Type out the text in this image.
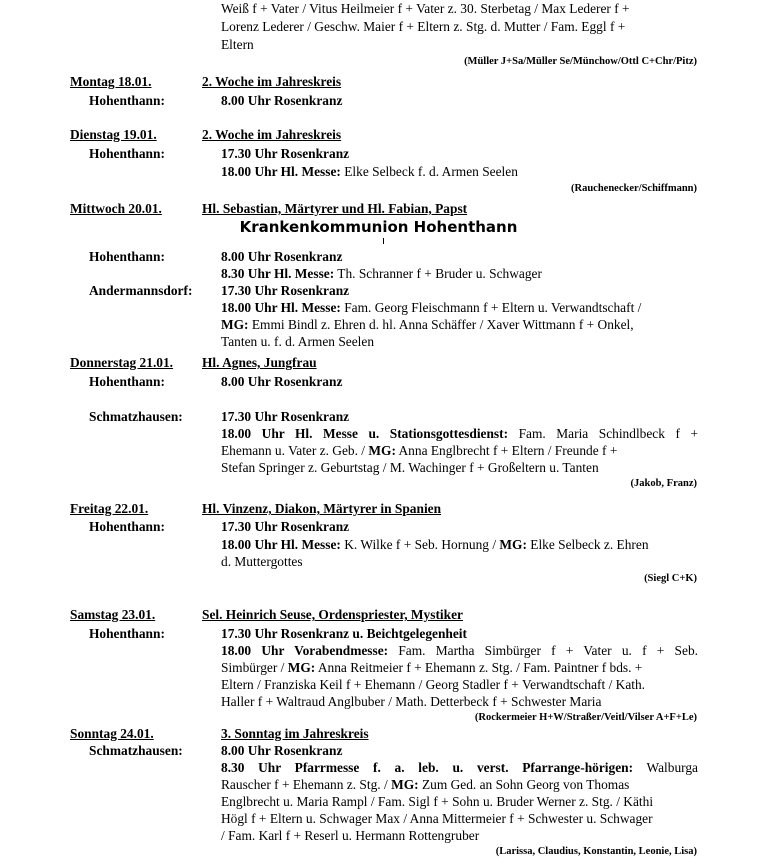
Weiß f + Vater / Vitus Heilmeier f + Vater z. 30. Sterbetag / Max Lederer f +
Lorenz Lederer / Geschw. Maier f + Eltern z. Stg. d. Mutter / Fam. Eggl f +
Eltern
(Müller J+Sa/Müller Se/Münchow/Ottl C+Chr/Pitz)
Montag 18.01.	2. Woche im Jahreskreis
Hohenthann:	8.00 Uhr Rosenkranz
Dienstag 19.01.	2. Woche im Jahreskreis
Hohenthann:	17.30 Uhr Rosenkranz
18.00 Uhr Hl. Messe: Elke Selbeck f. d. Armen Seelen
(Rauchenecker/Schiffmann)
Mittwoch 20.01.	Hl. Sebastian, Märtyrer und Hl. Fabian, Papst
Krankenkommunion Hohenthann
Hohenthann:	8.00 Uhr Rosenkranz
8.30 Uhr Hl. Messe: Th. Schranner f + Bruder u. Schwager
Andermannsdorf: 17.30 Uhr Rosenkranz
18.00 Uhr Hl. Messe: Fam. Georg Fleischmann f + Eltern u. Verwandtschaft /
MG: Emmi Bindl z. Ehren d. hl. Anna Schäffer / Xaver Wittmann f + Onkel,
Tanten u. f. d. Armen Seelen
Donnerstag 21.01. Hl. Agnes, Jungfrau
Hohenthann:	8.00 Uhr Rosenkranz
Schmatzhausen:	17.30 Uhr Rosenkranz
18.00 Uhr Hl. Messe u. Stationsgottesdienst: Fam. Maria Schindlbeck f +
Ehemann u. Vater z. Geb. / MG: Anna Englbrecht f + Eltern / Freunde f +
Stefan Springer z. Geburtstag / M. Wachinger f + Großeltern u. Tanten
(Jakob, Franz)
Freitag 22.01.	Hl. Vinzenz, Diakon, Märtyrer in Spanien
Hohenthann:	17.30 Uhr Rosenkranz
18.00 Uhr Hl. Messe: K. Wilke f + Seb. Hornung / MG: Elke Selbeck z. Ehren
d. Muttergottes
(Siegl C+K)
Samstag 23.01.	Sel. Heinrich Seuse, Ordenspriester, Mystiker
Hohenthann:	17.30 Uhr Rosenkranz u. Beichtgelegenheit
18.00 Uhr Vorabendmesse: Fam. Martha Simbürger f + Vater u. f + Seb.
Simbürger / MG: Anna Reitmeier f + Ehemann z. Stg. / Fam. Paintner f bds. +
Eltern / Franziska Keil f + Ehemann / Georg Stadler f + Verwandtschaft / Kath.
Haller f + Waltraud Anglbuber / Math. Detterbeck f + Schwester Maria
(Rockermeier H+W/Straßer/Veitl/Vilser A+F+Le)
Sonntag 24.01.	3. Sonntag im Jahreskreis
Schmatzhausen:	8.00 Uhr Rosenkranz
8.30 Uhr Pfarrmesse f. a. leb. u. verst. Pfarrange-hörigen: Walburga
Rauscher f + Ehemann z. Stg. / MG: Zum Ged. an Sohn Georg von Thomas
Englbrecht u. Maria Rampl / Fam. Sigl f + Sohn u. Bruder Werner z. Stg. / Käthi
Högl f + Eltern u. Schwager Max / Anna Mittermeier f + Schwester u. Schwager
/ Fam. Karl f + Reserl u. Hermann Rottengruber
(Larissa, Claudius, Konstantin, Leonie, Lisa)
